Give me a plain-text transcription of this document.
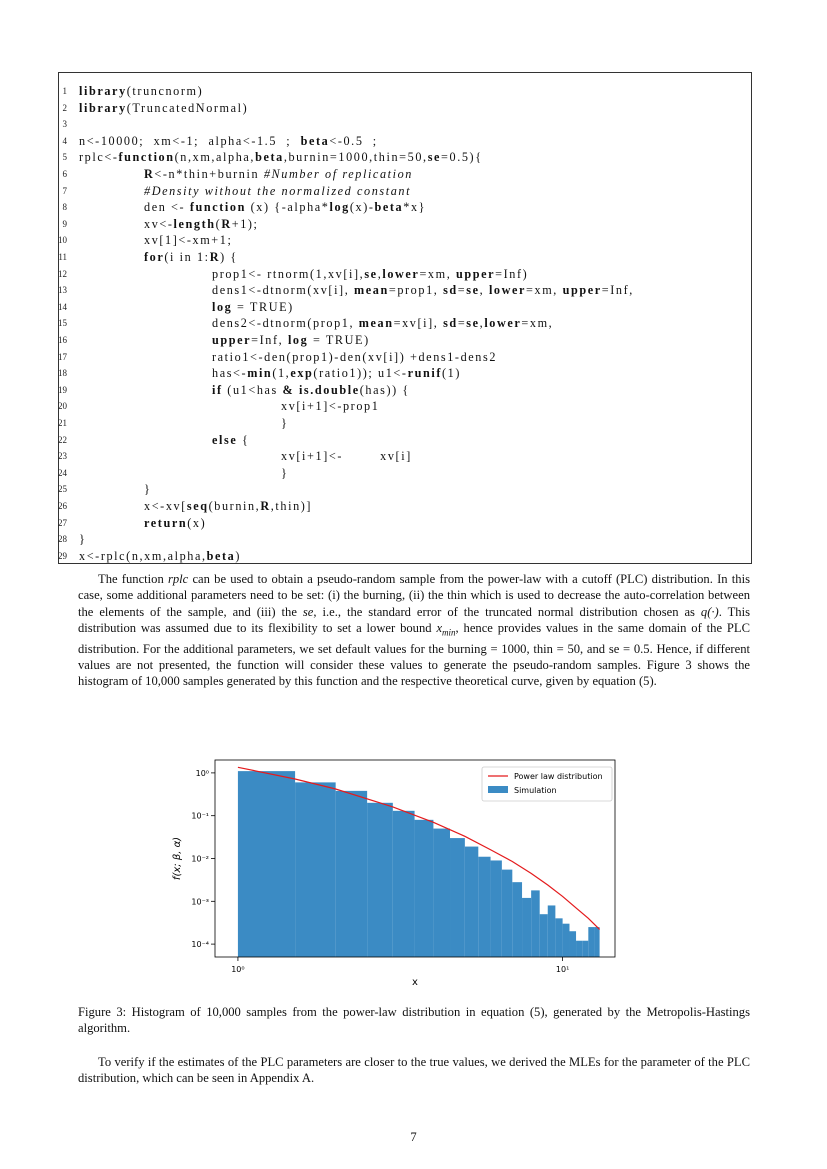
1 library(truncnorm)
2 library(TruncatedNormal)
3
4 n<-10000;  xm<-1;  alpha<-1.5  ;  beta<-0.5  ;
5 rplc<-function(n,xm,alpha,beta,burnin=1000,thin=50,se=0.5){
6	R<-n*thin+burnin #Number of replication
7	#Density without the normalized constant
8	den <- function (x) {-alpha*log(x)-beta*x}
9	xv<-length(R+1);
10	xv[1]<-xm+1;
11	for(i in 1:R) {
12	prop1<- rtnorm(1,xv[i],se,lower=xm, upper=Inf)
13	dens1<-dtnorm(xv[i], mean=prop1, sd=se, lower=xm, upper=Inf,
14	log = TRUE)
15	dens2<-dtnorm(prop1, mean=xv[i], sd=se,lower=xm,
16	upper=Inf, log = TRUE)
17	ratio1<-den(prop1)-den(xv[i]) +dens1-dens2
18	has<-min(1,exp(ratio1)); u1<-runif(1)
19	if (u1<has & is.double(has)) {
20	xv[i+1]<-prop1
21	}
22	else {
23	xv[i+1]<-        xv[i]
24	}
25	}
26	x<-xv[seq(burnin,R,thin)]
27	return(x)
28 }
29 x<-rplc(n,xm,alpha,beta)

The function rplc can be used to obtain a pseudo-random sample from the power-law with a cutoff (PLC) distribution. In this case, some additional parameters need to be set: (i) the burning, (ii) the thin which is used to decrease the auto-correlation between the elements of the sample, and (iii) the se, i.e., the standard error of the truncated normal distribution chosen as q(·). This distribution was assumed due to its flexibility to set a lower bound $x_{min}$, hence provides values in the same domain of the PLC distribution. For the additional parameters, we set default values for the burning = 1000, thin = 50, and se = 0.5. Hence, if different values are not presented, the function will consider these values to generate the pseudo-random samples. Figure 3 shows the histogram of 10,000 samples generated by this function and the respective theoretical curve, given by equation (5).

10⁰
10⁻¹
10⁻²
10⁻³
10⁻⁴
10⁰	10¹
x
f(x; β, α)
Power law distribution
Simulation

Figure 3: Histogram of 10,000 samples from the power-law distribution in equation (5), generated by the Metropolis-Hastings algorithm.

To verify if the estimates of the PLC parameters are closer to the true values, we derived the MLEs for the parameter of the PLC distribution, which can be seen in Appendix A.

7
